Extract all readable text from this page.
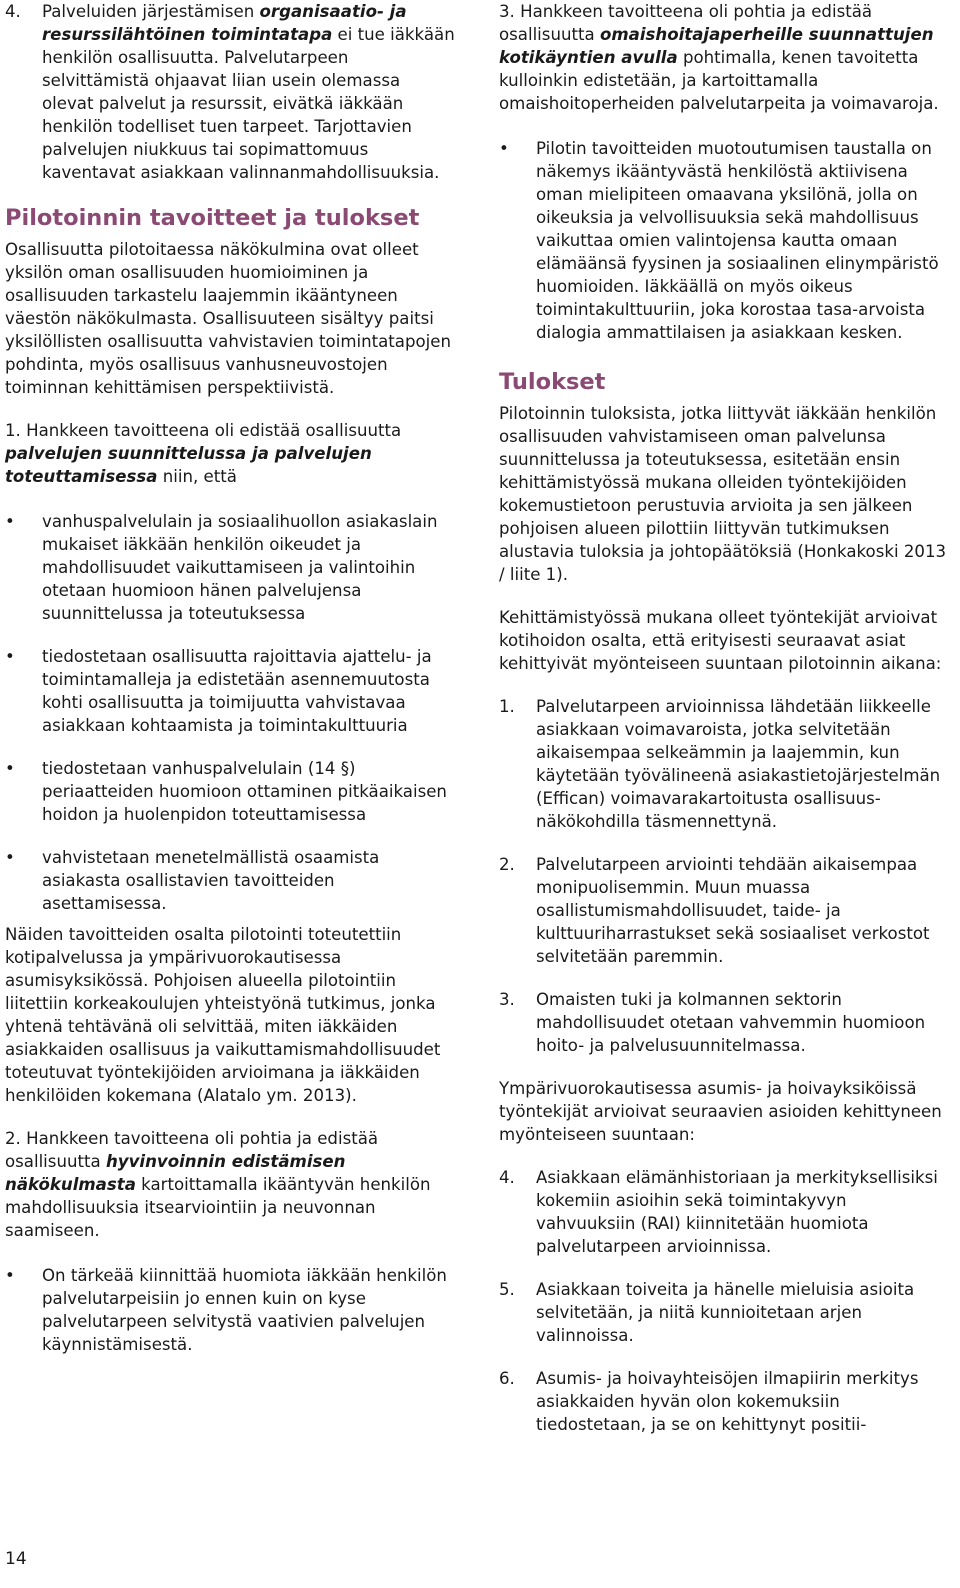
4.	Palveluiden järjestämisen organisaatio- ja resurssilähtöinen toimintatapa ei tue iäkkään henkilön osallisuutta. Palvelutarpeen selvittämistä ohjaavat liian usein olemassa olevat palvelut ja resurssit, eivätkä iäkkään henkilön todelliset tuen tarpeet. Tarjottavien palvelujen niukkuus tai sopimattomuus kaventavat asiakkaan valinnanmahdollisuuksia.

Pilotoinnin tavoitteet ja tulokset

Osallisuutta pilotoitaessa näkökulmina ovat olleet yksilön oman osallisuuden huomioiminen ja osallisuuden tarkastelu laajemmin ikääntyneen väestön näkökulmasta. Osallisuuteen sisältyy paitsi yksilöllisten osallisuutta vahvistavien toimintatapojen pohdinta, myös osallisuus vanhusneuvostojen toiminnan kehittämisen perspektiivistä.

1. Hankkeen tavoitteena oli edistää osallisuutta palvelujen suunnittelussa ja palvelujen toteuttamisessa niin, että

•	vanhuspalvelulain ja sosiaalihuollon asiakaslain mukaiset iäkkään henkilön oikeudet ja mahdollisuudet vaikuttamiseen ja valintoihin otetaan huomioon hänen palvelujensa suunnittelussa ja toteutuksessa
•	tiedostetaan osallisuutta rajoittavia ajattelu- ja toimintamalleja ja edistetään asennemuutosta kohti osallisuutta ja toimijuutta vahvistavaa asiakkaan kohtaamista ja toimintakulttuuria
•	tiedostetaan vanhuspalvelulain (14 §) periaatteiden huomioon ottaminen pitkäaikaisen hoidon ja huolenpidon toteuttamisessa
•	vahvistetaan menetelmällistä osaamista asiakasta osallistavien tavoitteiden asettamisessa.

Näiden tavoitteiden osalta pilotointi toteutettiin kotipalvelussa ja ympärivuorokautisessa asumisyksikössä. Pohjoisen alueella pilotointiin liitettiin korkeakoulujen yhteistyönä tutkimus, jonka yhtenä tehtävänä oli selvittää, miten iäkkäiden asiakkaiden osallisuus ja vaikuttamismahdollisuudet toteutuvat työntekijöiden arvioimana ja iäkkäiden henkilöiden kokemana (Alatalo ym. 2013).

2. Hankkeen tavoitteena oli pohtia ja edistää osallisuutta hyvinvoinnin edistämisen näkökulmasta kartoittamalla ikääntyvän henkilön mahdollisuuksia itsearviointiin ja neuvonnan saamiseen.

•	On tärkeää kiinnittää huomiota iäkkään henkilön palvelutarpeisiin jo ennen kuin on kyse palvelutarpeen selvitystä vaativien palvelujen käynnistämisestä.

3. Hankkeen tavoitteena oli pohtia ja edistää osallisuutta omaishoitajaperheille suunnattujen kotikäyntien avulla pohtimalla, kenen tavoitetta kulloinkin edistetään, ja kartoittamalla omaishoitoperheiden palvelutarpeita ja voimavaroja.

•	Pilotin tavoitteiden muotoutumisen taustalla on näkemys ikääntyvästä henkilöstä aktiivisena oman mielipiteen omaavana yksilönä, jolla on oikeuksia ja velvollisuuksia sekä mahdollisuus vaikuttaa omien valintojensa kautta omaan elämäänsä fyysinen ja sosiaalinen elinympäristö huomioiden. Iäkkäällä on myös oikeus toimintakulttuuriin, joka korostaa tasa-arvoista dialogia ammattilaisen ja asiakkaan kesken.
Tulokset

Pilotoinnin tuloksista, jotka liittyvät iäkkään henkilön osallisuuden vahvistamiseen oman palvelunsa suunnittelussa ja toteutuksessa, esitetään ensin kehittämistyössä mukana olleiden työntekijöiden kokemustietoon perustuvia arvioita ja sen jälkeen pohjoisen alueen pilottiin liittyvän tutkimuksen alustavia tuloksia ja johtopäätöksiä (Honkakoski 2013 / liite 1).

Kehittämistyössä mukana olleet työntekijät arvioivat kotihoidon osalta, että erityisesti seuraavat asiat kehittyivät myönteiseen suuntaan pilotoinnin aikana:

1.	Palvelutarpeen arvioinnissa lähdetään liikkeelle asiakkaan voimavaroista, jotka selvitetään aikaisempaa selkeämmin ja laajemmin, kun käytetään työvälineenä asiakastietojärjestelmän (Effican) voimavarakartoitusta osallisuus-näkökohdilla täsmennettynä.
2.	Palvelutarpeen arviointi tehdään aikaisempaa monipuolisemmin. Muun muassa osallistumismahdollisuudet, taide- ja kulttuuriharrastukset sekä sosiaaliset verkostot selvitetään paremmin.
3.	Omaisten tuki ja kolmannen sektorin mahdollisuudet otetaan vahvemmin huomioon hoito- ja palvelusuunnitelmassa.

Ympärivuorokautisessa asumis- ja hoivayksiköissä työntekijät arvioivat seuraavien asioiden kehittyneen myönteiseen suuntaan:

4.	Asiakkaan elämänhistoriaan ja merkityksellisiksi kokemiin asioihin sekä toimintakyvyn vahvuuksiin (RAI) kiinnitetään huomiota palvelutarpeen arvioinnissa.
5.	Asiakkaan toiveita ja hänelle mieluisia asioita selvitetään, ja niitä kunnioitetaan arjen valinnoissa.
6.	Asumis- ja hoivayhteisöjen ilmapiirin merkitys asiakkaiden hyvän olon kokemuksiin tiedostetaan, ja se on kehittynyt positii-
14
